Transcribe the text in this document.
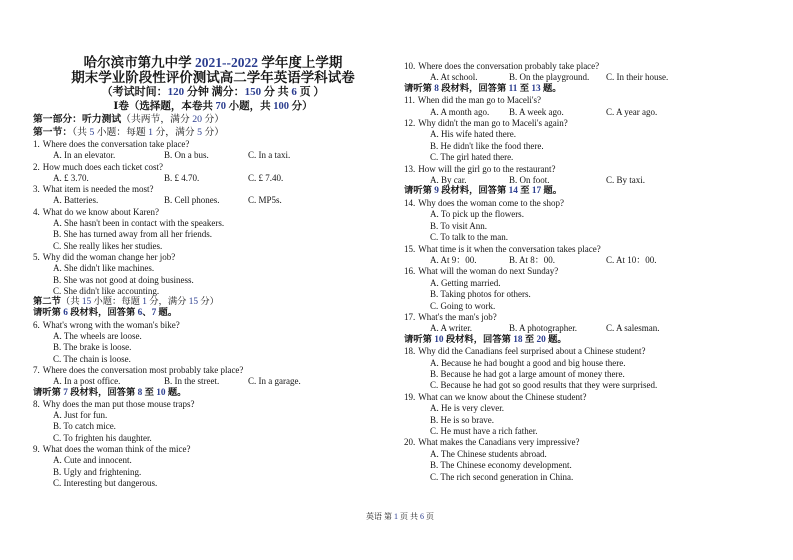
哈尔滨市第九中学 2021--2022 学年度上学期
期末学业阶段性评价测试高二学年英语学科试卷
（考试时间：120 分钟 满分：150 分 共 6 页 ）
Ⅰ卷（选择题，本卷共 70 小题，共 100 分）
第一部分：听力测试（共两节，满分 20 分）
第一节：（共 5 小题：每题 1 分，满分 5 分）
1. Where does the conversation take place?
A. In an elevator.	B. On a bus.	C. In a taxi.
2. How much does each ticket cost?
A. £ 3.70.	B. £ 4.70.	C. £ 7.40.
3. What item is needed the most?
A. Batteries.	B. Cell phones.	C. MP5s.
4. What do we know about Karen?
A. She hasn't been in contact with the speakers.
B. She has turned away from all her friends.
C. She really likes her studies.
5. Why did the woman change her job?
A. She didn't like machines.
B. She was not good at doing business.
C. She didn't like accounting.
第二节（共 15 小题：每题 1 分，满分 15 分）
请听第 6 段材料，回答第 6、7 题。
6. What's wrong with the woman's bike?
A. The wheels are loose.
B. The brake is loose.
C. The chain is loose.
7. Where does the conversation most probably take place?
A. In a post office.	B. In the street.	C. In a garage.
请听第 7 段材料，回答第 8 至 10 题。
8. Why does the man put those mouse traps?
A. Just for fun.
B. To catch mice.
C. To frighten his daughter.
9. What does the woman think of the mice?
A. Cute and innocent.
B. Ugly and frightening.
C. Interesting but dangerous.
10. Where does the conversation probably take place?
A. At school.	B. On the playground.	C. In their house.
请听第 8 段材料，回答第 11 至 13 题。
11. When did the man go to Maceli's?
A. A month ago.	B. A week ago.	C. A year ago.
12. Why didn't the man go to Maceli's again?
A. His wife hated there.
B. He didn't like the food there.
C. The girl hated there.
13. How will the girl go to the restaurant?
A. By car.	B. On foot.	C. By taxi.
请听第 9 段材料，回答第 14 至 17 题。
14. Why does the woman come to the shop?
A. To pick up the flowers.
B. To visit Ann.
C. To talk to the man.
15. What time is it when the conversation takes place?
A. At 9：00.	B. At 8：00.	C. At 10：00.
16. What will the woman do next Sunday?
A. Getting married.
B. Taking photos for others.
C. Going to work.
17. What's the man's job?
A. A writer.	B. A photographer.	C. A salesman.
请听第 10 段材料，回答第 18 至 20 题。
18. Why did the Canadians feel surprised about a Chinese student?
A. Because he had bought a good and big house there.
B. Because he had got a large amount of money there.
C. Because he had got so good results that they were surprised.
19. What can we know about the Chinese student?
A. He is very clever.
B. He is so brave.
C. He must have a rich father.
20. What makes the Canadians very impressive?
A. The Chinese students abroad.
B. The Chinese economy development.
C. The rich second generation in China.
英语 第 1 页 共 6 页
